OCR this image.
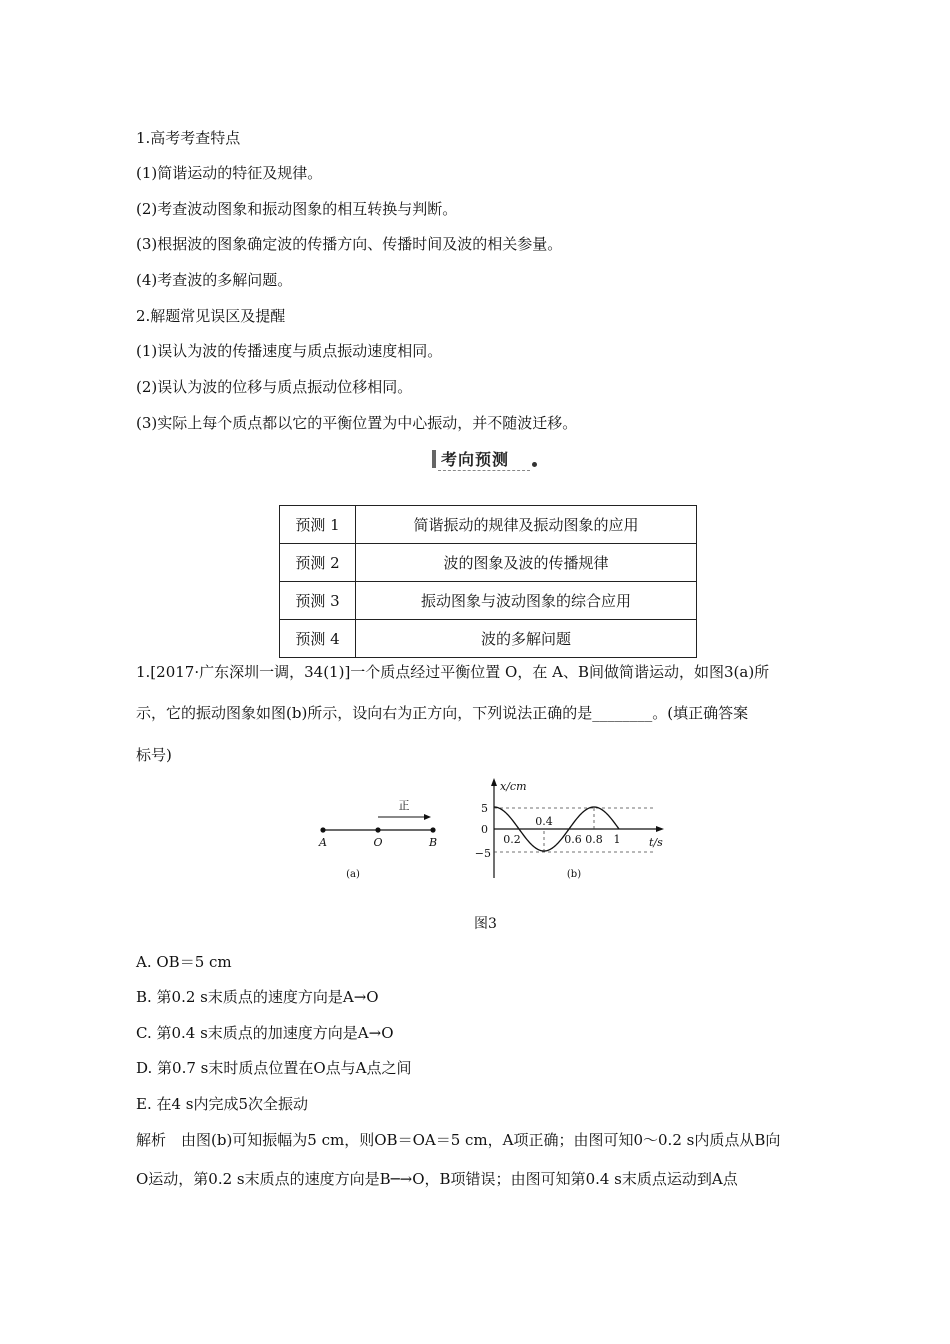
1.高考考查特点

(1)简谐运动的特征及规律。

(2)考查波动图象和振动图象的相互转换与判断。

(3)根据波的图象确定波的传播方向、传播时间及波的相关参量。

(4)考查波的多解问题。

2.解题常见误区及提醒

(1)误认为波的传播速度与质点振动速度相同。

(2)误认为波的位移与质点振动位移相同。

(3)实际上每个质点都以它的平衡位置为中心振动，并不随波迁移。

考向预测
预测 1	简谐振动的规律及振动图象的应用
预测 2	波的图象及波的传播规律
预测 3	振动图象与波动图象的综合应用
预测 4	波的多解问题

1.[2017·广东深圳一调，34(1)]一个质点经过平衡位置 O，在 A、B间做简谐运动，如图3(a)所

示，它的振动图象如图(b)所示，设向右为正方向，下列说法正确的是________。(填正确答案

标号)

正
A	O	B
(a)
x/cm
t/s
5
0
−5
0.2
0.4
0.6 0.8 1
(b)

图3

A. OB＝5 cm

B. 第0.2 s末质点的速度方向是A→O

C. 第0.4 s末质点的加速度方向是A→O

D. 第0.7 s末时质点位置在O点与A点之间

E. 在4 s内完成5次全振动

解析　由图(b)可知振幅为5 cm，则OB＝OA＝5 cm，A项正确；由图可知0～0.2 s内质点从B向

O运动，第0.2 s末质点的速度方向是B─→O，B项错误；由图可知第0.4 s末质点运动到A点
